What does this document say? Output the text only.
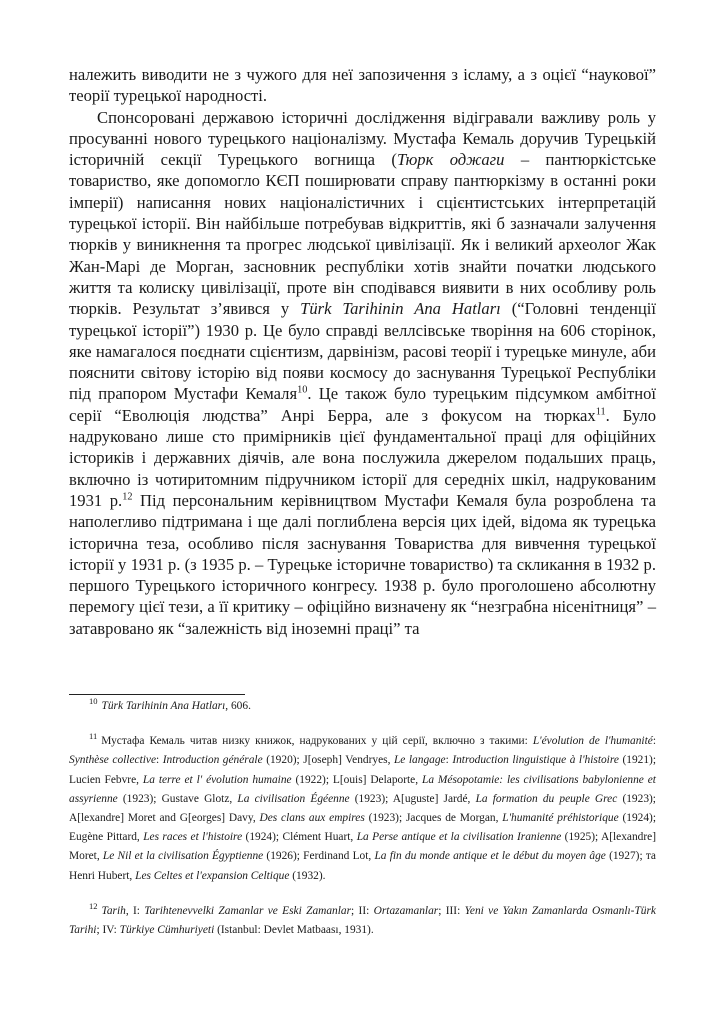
належить виводити не з чужого для неї запозичення з ісламу, а з оцієї “наукової” теорії турецької народності.

Спонсоровані державою історичні дослідження відігравали важливу роль у просуванні нового турецького націоналізму. Мустафа Кемаль доручив Турецькій історичній секції Турецького вогнища (Тюрк оджаги – пантюркістське товариство, яке допомогло КЄП поширювати справу пантюркізму в останні роки імперії) написання нових націоналістичних і сцієнтистських інтерпретацій турецької історії. Він найбільше потребував відкриттів, які б зазначали залучення тюрків у виникнення та прогрес людської цивілізації. Як і великий археолог Жак Жан-Марі де Морган, засновник республіки хотів знайти початки людського життя та колиску цивілізації, проте він сподівався виявити в них особливу роль тюрків. Результат з’явився у Türk Tarihinin Ana Hatları (“Головні тенденції турецької історії”) 1930 р. Це було справді веллсівське творіння на 606 сторінок, яке намагалося поєднати сцієнтизм, дарвінізм, расові теорії і турецьке минуле, аби пояснити світову історію від появи космосу до заснування Турецької Республіки під прапором Мустафи Кемаля$^{10}$. Це також було турецьким підсумком амбітної серії “Еволюція людства” Анрі Берра, але з фокусом на тюрках$^{11}$. Було надруковано лише сто примірників цієї фундаментальної праці для офіційних істориків і державних діячів, але вона послужила джерелом подальших праць, включно із чотиритомним підручником історії для середніх шкіл, надрукованим 1931 р.$^{12}$ Під персональним керівництвом Мустафи Кемаля була розроблена та наполегливо підтримана і ще далі поглиблена версія цих ідей, відома як турецька історична теза, особливо після заснування Товариства для вивчення турецької історії у 1931 р. (з 1935 р. – Турецьке історичне товариство) та скликання в 1932 р. першого Турецького історичного конгресу. 1938 р. було проголошено абсолютну перемогу цієї тези, а її критику – офіційно визначену як “незграбна нісенітниця” – затавровано як “залежність від іноземні праці” та

$^{10}$ Türk Tarihinin Ana Hatları, 606.

$^{11}$ Мустафа Кемаль читав низку книжок, надрукованих у цій серії, включно з такими: L'évolution de l'humanité: Synthèse collective: Introduction générale (1920); J[oseph] Vendryes, Le langage: Introduction linguistique à l'histoire (1921); Lucien Febvre, La terre et l' évolution humaine (1922); L[ouis] Delaporte, La Mésopotamie: les civilisations babylonienne et assyrienne (1923); Gustave Glotz, La civilisation Égéenne (1923); A[uguste] Jardé, La formation du peuple Grec (1923); A[lexandre] Moret and G[eorges] Davy, Des clans aux empires (1923); Jacques de Morgan, L'humanité préhistorique (1924); Eugène Pittard, Les races et l'histoire (1924); Clément Huart, La Perse antique et la civilisation Iranienne (1925); A[lexandre] Moret, Le Nil et la civilisation Égyptienne (1926); Ferdinand Lot, La fin du monde antique et le début du moyen âge (1927); та Henri Hubert, Les Celtes et l'expansion Celtique (1932).

$^{12}$ Tarih, I: Tarihtenevvelki Zamanlar ve Eski Zamanlar; II: Ortazamanlar; III: Yeni ve Yakın Zamanlarda Osmanlı-Türk Tarihi; IV: Türkiye Cümhuriyeti (Istanbul: Devlet Matbaası, 1931).
